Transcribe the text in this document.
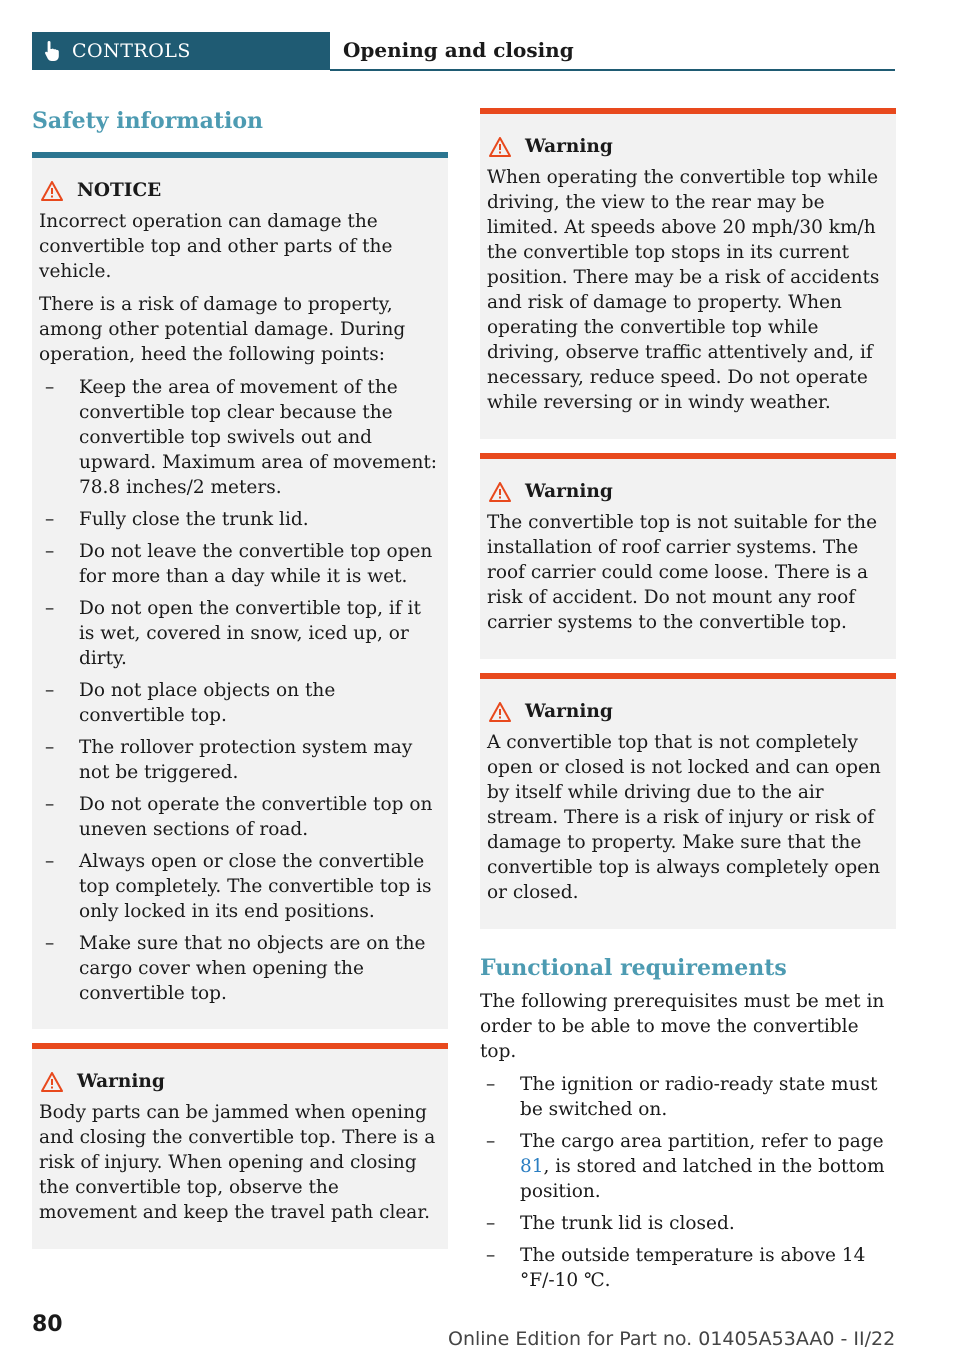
CONTROLS	Opening and closing
Safety information
NOTICE

Incorrect operation can damage the convertible top and other parts of the vehicle.

There is a risk of damage to property, among other potential damage. During operation, heed the following points:

– Keep the area of movement of the convertible top clear because the convertible top swivels out and upward. Maximum area of movement: 78.8 inches/2 meters.
– Fully close the trunk lid.
– Do not leave the convertible top open for more than a day while it is wet.
– Do not open the convertible top, if it is wet, covered in snow, iced up, or dirty.
– Do not place objects on the convertible top.
– The rollover protection system may not be triggered.
– Do not operate the convertible top on uneven sections of road.
– Always open or close the convertible top completely. The convertible top is only locked in its end positions.
– Make sure that no objects are on the cargo cover when opening the convertible top.
Warning

Body parts can be jammed when opening and closing the convertible top. There is a risk of injury. When opening and closing the convertible top, observe the movement and keep the travel path clear.

Warning

When operating the convertible top while driving, the view to the rear may be limited. At speeds above 20 mph/30 km/h the convertible top stops in its current position. There may be a risk of accidents and risk of damage to property. When operating the convertible top while driving, observe traffic attentively and, if necessary, reduce speed. Do not operate while reversing or in windy weather.

Warning

The convertible top is not suitable for the installation of roof carrier systems. The roof carrier could come loose. There is a risk of accident. Do not mount any roof carrier systems to the convertible top.

Warning

A convertible top that is not completely open or closed is not locked and can open by itself while driving due to the air stream. There is a risk of injury or risk of damage to property. Make sure that the convertible top is always completely open or closed.

Functional requirements

The following prerequisites must be met in order to be able to move the convertible top.

– The ignition or radio-ready state must be switched on.
– The cargo area partition, refer to page 81, is stored and latched in the bottom position.
– The trunk lid is closed.
– The outside temperature is above 14 °F/-10 ℃.
80
Online Edition for Part no. 01405A53AA0 - II/22
